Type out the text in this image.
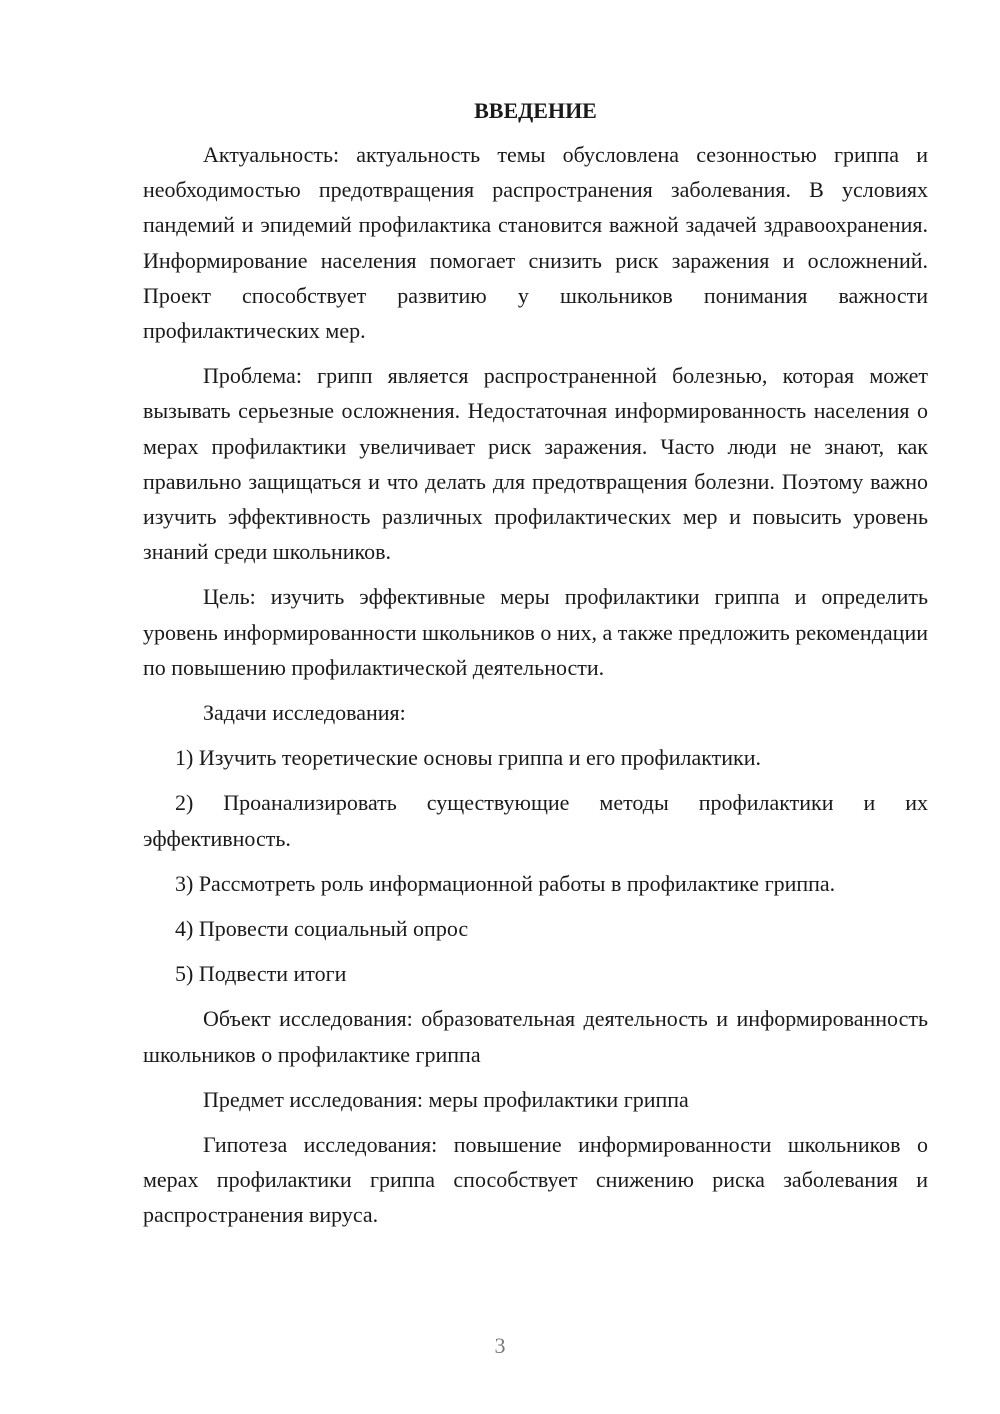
ВВЕДЕНИЕ

Актуальность: актуальность темы обусловлена сезонностью гриппа и необходимостью предотвращения распространения заболевания. В условиях пандемий и эпидемий профилактика становится важной задачей здравоохранения. Информирование населения помогает снизить риск заражения и осложнений. Проект способствует развитию у школьников понимания важности профилактических мер.

Проблема: грипп является распространенной болезнью, которая может вызывать серьезные осложнения. Недостаточная информированность населения о мерах профилактики увеличивает риск заражения. Часто люди не знают, как правильно защищаться и что делать для предотвращения болезни. Поэтому важно изучить эффективность различных профилактических мер и повысить уровень знаний среди школьников.

Цель: изучить эффективные меры профилактики гриппа и определить уровень информированности школьников о них, а также предложить рекомендации по повышению профилактической деятельности.

Задачи исследования:

1) Изучить теоретические основы гриппа и его профилактики.

2) Проанализировать существующие методы профилактики и их эффективность.

3) Рассмотреть роль информационной работы в профилактике гриппа.

4) Провести социальный опрос

5) Подвести итоги

Объект исследования: образовательная деятельность и информированность школьников о профилактике гриппа

Предмет исследования: меры профилактики гриппа

Гипотеза исследования: повышение информированности школьников о мерах профилактики гриппа способствует снижению риска заболевания и распространения вируса.

3
